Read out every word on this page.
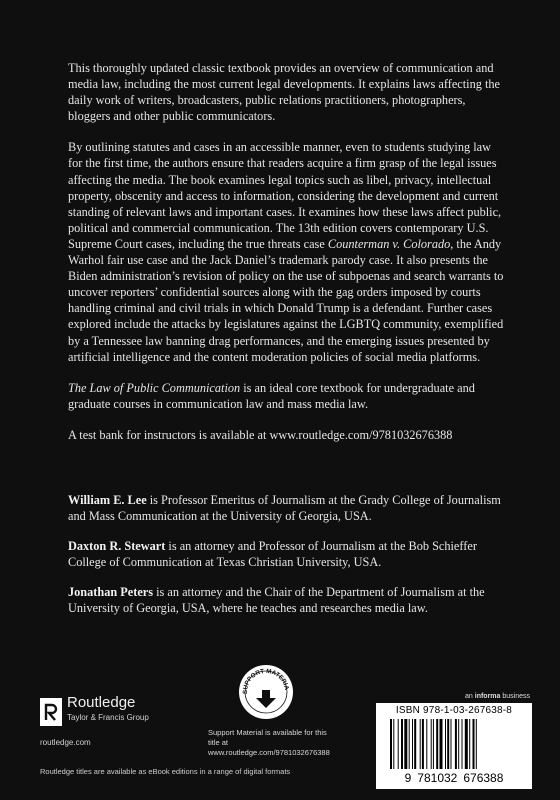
This thoroughly updated classic textbook provides an overview of communication and media law, including the most current legal developments. It explains laws affecting the daily work of writers, broadcasters, public relations practitioners, photographers, bloggers and other public communicators.

By outlining statutes and cases in an accessible manner, even to students studying law for the first time, the authors ensure that readers acquire a firm grasp of the legal issues affecting the media. The book examines legal topics such as libel, privacy, intellectual property, obscenity and access to information, considering the development and current standing of relevant laws and important cases. It examines how these laws affect public, political and commercial communication. The 13th edition covers contemporary U.S. Supreme Court cases, including the true threats case Counterman v. Colorado, the Andy Warhol fair use case and the Jack Daniel’s trademark parody case. It also presents the Biden administration’s revision of policy on the use of subpoenas and search warrants to uncover reporters’ confidential sources along with the gag orders imposed by courts handling criminal and civil trials in which Donald Trump is a defendant. Further cases explored include the attacks by legislatures against the LGBTQ community, exemplified by a Tennessee law banning drag performances, and the emerging issues presented by artificial intelligence and the content moderation policies of social media platforms.

The Law of Public Communication is an ideal core textbook for undergraduate and graduate courses in communication law and mass media law.

A test bank for instructors is available at www.routledge.com/9781032676388

William E. Lee is Professor Emeritus of Journalism at the Grady College of Journalism and Mass Communication at the University of Georgia, USA.

Daxton R. Stewart is an attorney and Professor of Journalism at the Bob Schieffer College of Communication at Texas Christian University, USA.

Jonathan Peters is an attorney and the Chair of the Department of Journalism at the University of Georgia, USA, where he teaches and researches media law.

Routledge
Taylor & Francis Group
routledge.com
Routledge titles are available as eBook editions in a range of digital formats
SUPPORT MATERIA
Support Material is available for this title at
www.routledge.com/9781032676388
an informa business
ISBN 978-1-03-267638-8
9 781032 676388
